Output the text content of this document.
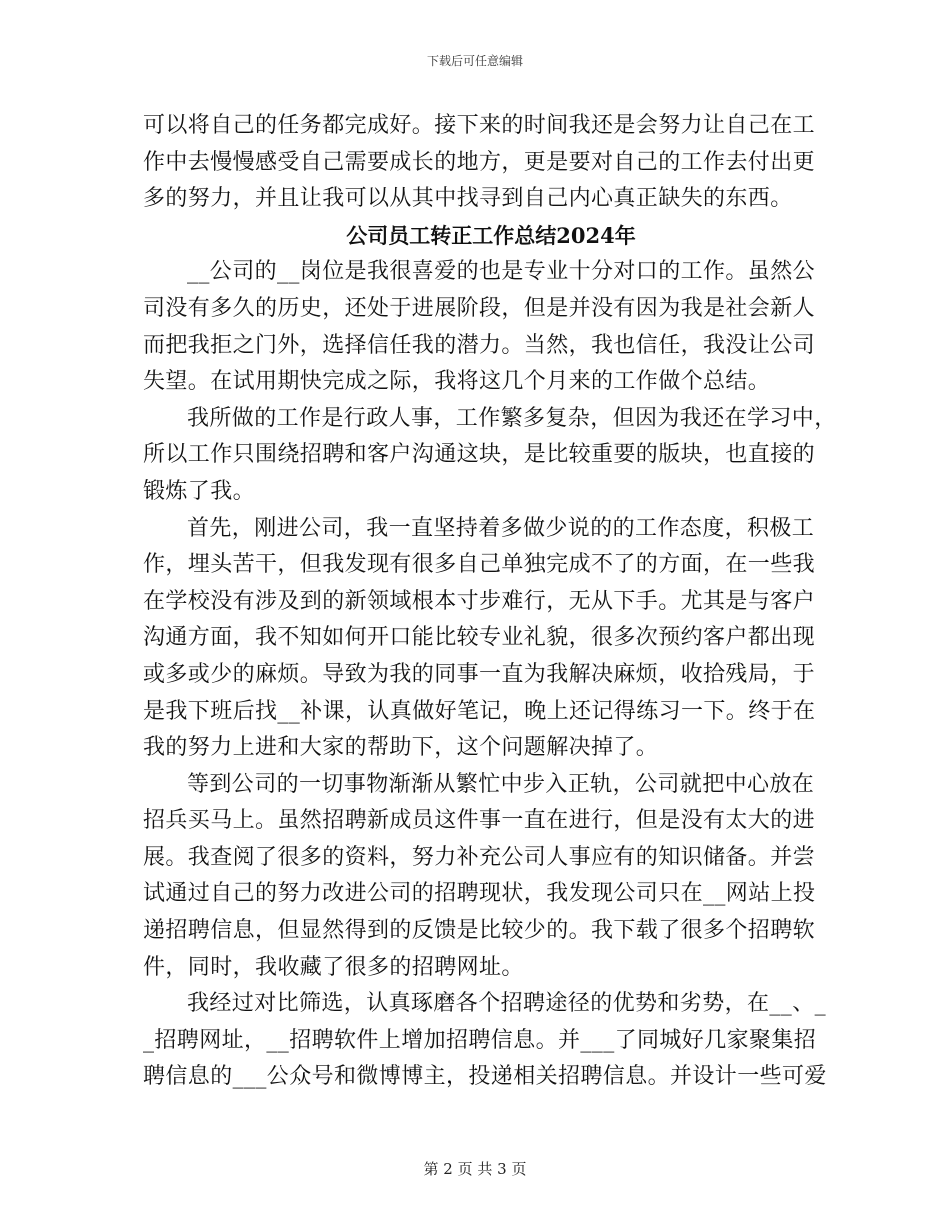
下载后可任意编辑
可以将自己的任务都完成好。接下来的时间我还是会努力让自己在工
作中去慢慢感受自己需要成长的地方，更是要对自己的工作去付出更
多的努力，并且让我可以从其中找寻到自己内心真正缺失的东西。
公司员工转正工作总结2024年
__公司的__岗位是我很喜爱的也是专业十分对口的工作。虽然公
司没有多久的历史，还处于进展阶段，但是并没有因为我是社会新人
而把我拒之门外，选择信任我的潜力。当然，我也信任，我没让公司
失望。在试用期快完成之际，我将这几个月来的工作做个总结。
我所做的工作是行政人事，工作繁多复杂，但因为我还在学习中，
所以工作只围绕招聘和客户沟通这块，是比较重要的版块，也直接的
锻炼了我。
首先，刚进公司，我一直坚持着多做少说的的工作态度，积极工
作，埋头苦干，但我发现有很多自己单独完成不了的方面，在一些我
在学校没有涉及到的新领域根本寸步难行，无从下手。尤其是与客户
沟通方面，我不知如何开口能比较专业礼貌，很多次预约客户都出现
或多或少的麻烦。导致为我的同事一直为我解决麻烦，收拾残局，于
是我下班后找__补课，认真做好笔记，晚上还记得练习一下。终于在
我的努力上进和大家的帮助下，这个问题解决掉了。
等到公司的一切事物渐渐从繁忙中步入正轨，公司就把中心放在
招兵买马上。虽然招聘新成员这件事一直在进行，但是没有太大的进
展。我查阅了很多的资料，努力补充公司人事应有的知识储备。并尝
试通过自己的努力改进公司的招聘现状，我发现公司只在__网站上投
递招聘信息，但显然得到的反馈是比较少的。我下载了很多个招聘软
件，同时，我收藏了很多的招聘网址。
我经过对比筛选，认真琢磨各个招聘途径的优势和劣势，在__、_
_招聘网址，__招聘软件上增加招聘信息。并___了同城好几家聚集招
聘信息的___公众号和微博博主，投递相关招聘信息。并设计一些可爱
第 2 页 共 3 页
